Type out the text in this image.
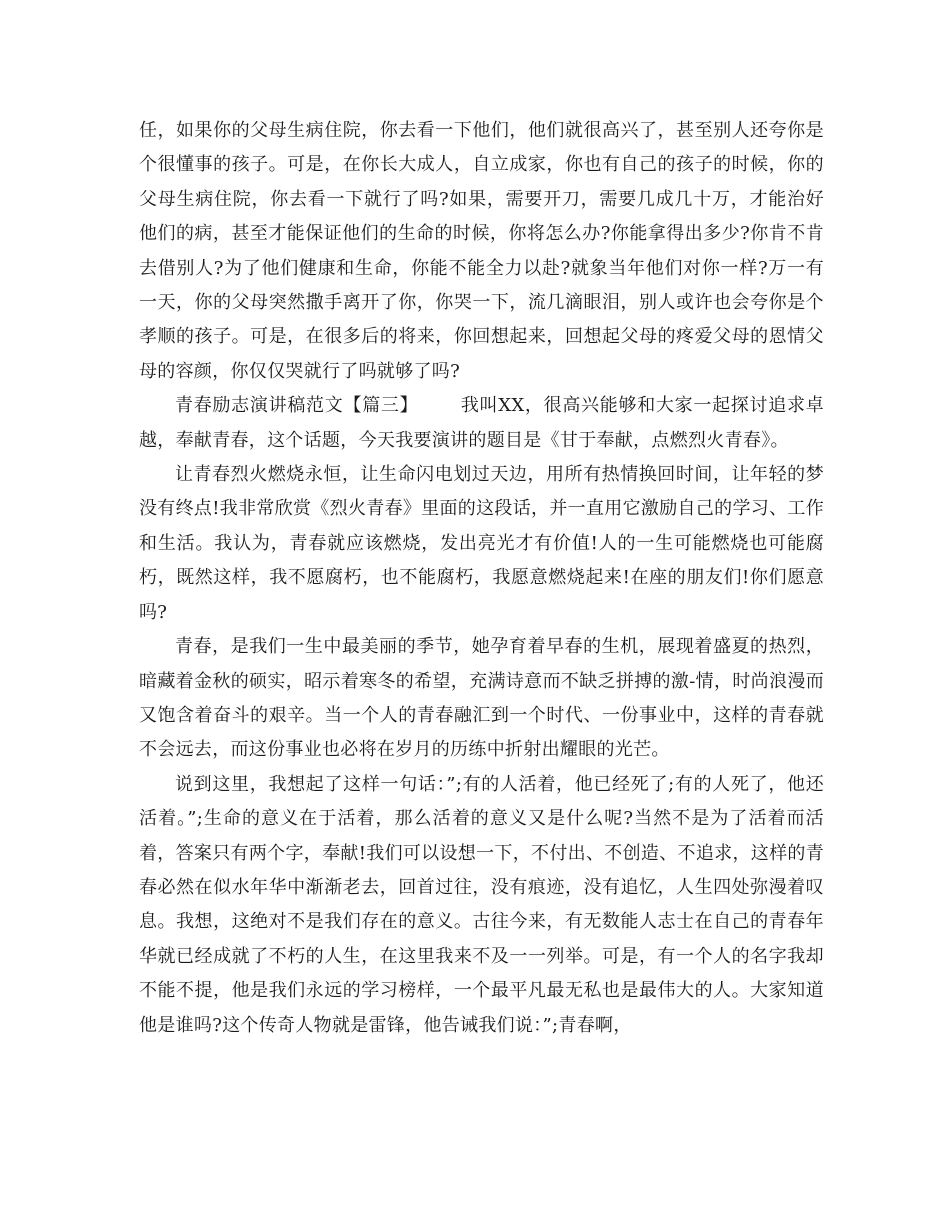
任，如果你的父母生病住院，你去看一下他们，他们就很高兴了，甚至别人还夸你是个很懂事的孩子。可是，在你长大成人，自立成家，你也有自己的孩子的时候，你的父母生病住院，你去看一下就行了吗?如果，需要开刀，需要几成几十万，才能治好他们的病，甚至才能保证他们的生命的时候，你将怎么办?你能拿得出多少?你肯不肯去借别人?为了他们健康和生命，你能不能全力以赴?就象当年他们对你一样?万一有一天，你的父母突然撒手离开了你，你哭一下，流几滴眼泪，别人或许也会夸你是个孝顺的孩子。可是，在很多后的将来，你回想起来，回想起父母的疼爱父母的恩情父母的容颜，你仅仅哭就行了吗就够了吗?

青春励志演讲稿范文【篇三】 我叫XX，很高兴能够和大家一起探讨追求卓越，奉献青春，这个话题，今天我要演讲的题目是《甘于奉献，点燃烈火青春》。

让青春烈火燃烧永恒，让生命闪电划过天边，用所有热情换回时间，让年轻的梦没有终点!我非常欣赏《烈火青春》里面的这段话，并一直用它激励自己的学习、工作和生活。我认为，青春就应该燃烧，发出亮光才有价值!人的一生可能燃烧也可能腐朽，既然这样，我不愿腐朽，也不能腐朽，我愿意燃烧起来!在座的朋友们!你们愿意吗?

青春，是我们一生中最美丽的季节，她孕育着早春的生机，展现着盛夏的热烈，暗藏着金秋的硕实，昭示着寒冬的希望，充满诗意而不缺乏拼搏的激-情，时尚浪漫而又饱含着奋斗的艰辛。当一个人的青春融汇到一个时代、一份事业中，这样的青春就不会远去，而这份事业也必将在岁月的历练中折射出耀眼的光芒。

说到这里，我想起了这样一句话：”;有的人活着，他已经死了;有的人死了，他还活着。”;生命的意义在于活着，那么活着的意义又是什么呢?当然不是为了活着而活着，答案只有两个字，奉献!我们可以设想一下，不付出、不创造、不追求，这样的青春必然在似水年华中渐渐老去，回首过往，没有痕迹，没有追忆，人生四处弥漫着叹息。我想，这绝对不是我们存在的意义。古往今来，有无数能人志士在自己的青春年华就已经成就了不朽的人生，在这里我来不及一一列举。可是，有一个人的名字我却不能不提，他是我们永远的学习榜样，一个最平凡最无私也是最伟大的人。大家知道他是谁吗?这个传奇人物就是雷锋，他告诫我们说：”;青春啊，
